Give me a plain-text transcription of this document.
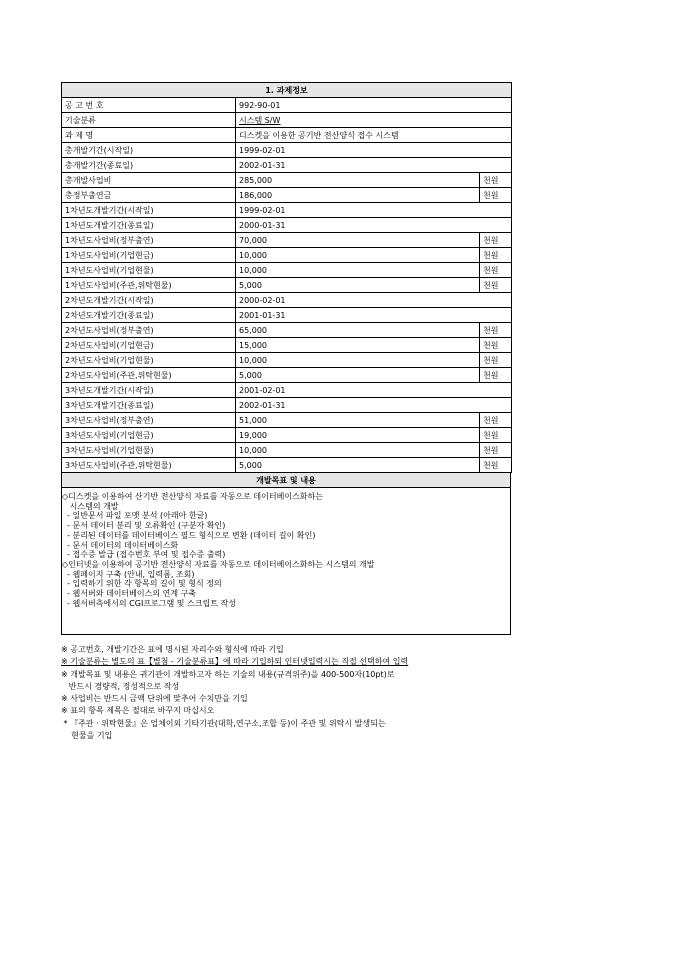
1. 과제정보		
공 고 번 호	992-90-01	
기술분류	시스템 S/W	
과 제 명	디스켓을 이용한 공기반 전산양식 접수 시스템	
총개발기간(시작일)	1999-02-01	
총개발기간(종료일)	2002-01-31	
총개발사업비	285,000	천원
총정부출연금	186,000	천원
1차년도개발기간(시작일)	1999-02-01	
1차년도개발기간(종료일)	2000-01-31	
1차년도사업비(정부출연)	70,000	천원
1차년도사업비(기업현금)	10,000	천원
1차년도사업비(기업현물)	10,000	천원
1차년도사업비(주관,위탁현물)	5,000	천원
2차년도개발기간(시작일)	2000-02-01	
2차년도개발기간(종료일)	2001-01-31	
2차년도사업비(정부출연)	65,000	천원
2차년도사업비(기업현금)	15,000	천원
2차년도사업비(기업현물)	10,000	천원
2차년도사업비(주관,위탁현물)	5,000	천원
3차년도개발기간(시작일)	2001-02-01	
3차년도개발기간(종료일)	2002-01-31	
3차년도사업비(정부출연)	51,000	천원
3차년도사업비(기업현금)	19,000	천원
3차년도사업비(기업현물)	10,000	천원
3차년도사업비(주관,위탁현물)	5,000	천원
개발목표 및 내용
◇디스켓을 이용하여 산기반 전산양식 자료를 자동으로 데이터베이스화하는
시스템의 개발
- 일반문서 파일 포맷 분석 (아래아 한글)
- 문서 데이터 분리 및 오류확인 (구분자 확인)
- 분리된 데이터를 데이터베이스 필드 형식으로 변환 (데이터 길이 확인)
- 문서 데이터의 데이터베이스화
- 접수증 발급 (접수번호 부여 및 접수증 출력)
◇인터넷을 이용하여 공기반 전산양식 자료를 자동으로 데이터베이스화하는 시스템의 개발
- 웹페이지 구축 (안내, 입력폼, 조회)
- 입력하기 위한 각 항목의 길이 및 형식 정의
- 웹서버와 데이터베이스의 연계 구축
- 웹서버측에서의 CGI프로그램 및 스크립트 작성
※ 공고번호, 개발기간은 표에 명시된 자리수와 형식에 따라 기입
※ 기술분류는 별도의 표【별첨 - 기술분류표】에 따라 기입하되 인터넷입력시는 직접 선택하여 입력
※ 개발목표 및 내용은 귀기관이 개발하고자 하는 기술의 내용(규격위주)을 400-500자(10pt)로
반드시 경량적, 정성적으로 작성
※ 사업비는 반드시 금액 단위에 맞추어 수치만을 기입
※ 표의 항목 제목은 절대로 바꾸지 마십시오
* 『주관 · 위탁현물』은 업체이외 기타기관(대학,연구소,조합 등)이 주관 및 위탁시 발생되는
현물을 기입
